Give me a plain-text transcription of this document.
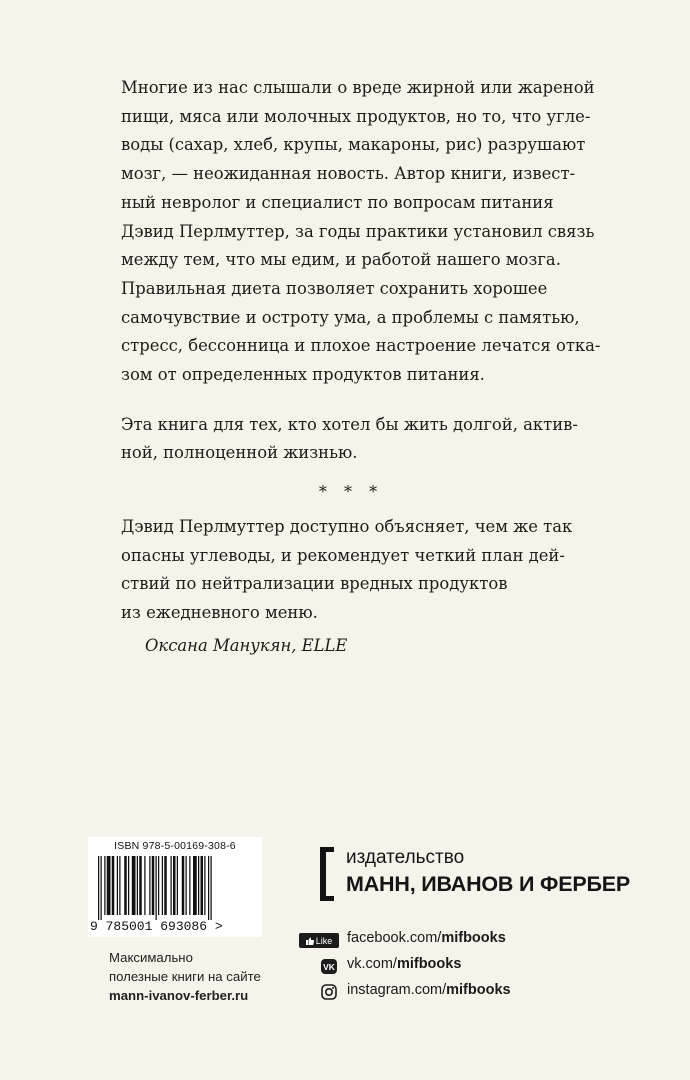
Многие из нас слышали о вреде жирной или жареной
пищи, мяса или молочных продуктов, но то, что угле-
воды (сахар, хлеб, крупы, макароны, рис) разрушают
мозг, — неожиданная новость. Автор книги, извест-
ный невролог и специалист по вопросам питания
Дэвид Перлмуттер, за годы практики установил связь
между тем, что мы едим, и работой нашего мозга.
Правильная диета позволяет сохранить хорошее
самочувствие и остроту ума, а проблемы с памятью,
стресс, бессонница и плохое настроение лечатся отка-
зом от определенных продуктов питания.

Эта книга для тех, кто хотел бы жить долгой, актив-
ной, полноценной жизнью.

* * *

Дэвид Перлмуттер доступно объясняет, чем же так
опасны углеводы, и рекомендует четкий план дей-
ствий по нейтрализации вредных продуктов
из ежедневного меню.

Оксана Манукян, ELLE
ISBN 978-5-00169-308-6
9 785001 693086 >
Максимально
полезные книги на сайте
mann-ivanov-ferber.ru
издательство
МАНН, ИВАНОВ И ФЕРБЕР
Like facebook.com/mifbooks
VK vk.com/mifbooks
instagram.com/mifbooks
